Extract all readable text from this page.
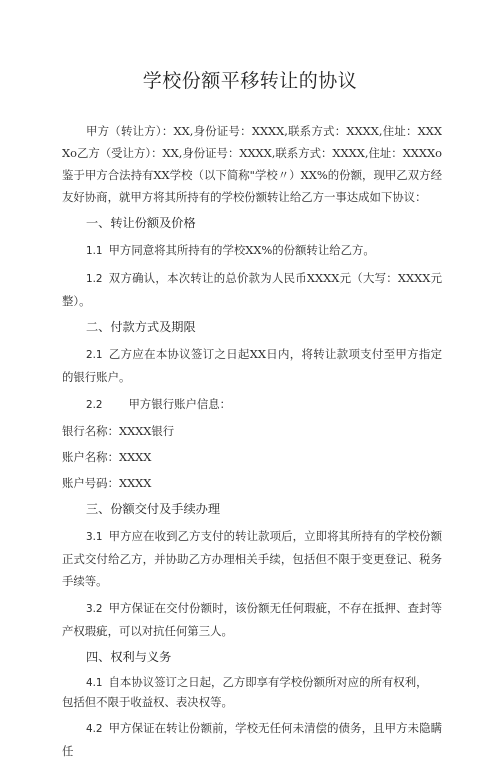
学校份额平移转让的协议

甲方（转让方）：XX,身份证号：XXXX,联系方式：XXXX,住址：XXXXo乙方（受让方）：XX,身份证号：XXXX,联系方式：XXXX,住址：XXXXo鉴于甲方合法持有XX学校（以下简称"学校〃）XX%的份额，现甲乙双方经友好协商，就甲方将其所持有的学校份额转让给乙方一事达成如下协议：

一、转让份额及价格

1.1 甲方同意将其所持有的学校XX%的份额转让给乙方。

1.2 双方确认，本次转让的总价款为人民币XXXX元（大写：XXXX元整）。

二、付款方式及期限

2.1 乙方应在本协议签订之日起XX日内，将转让款项支付至甲方指定的银行账户。

2.2 甲方银行账户信息：

银行名称：XXXX银行

账户名称：XXXX

账户号码：XXXX

三、份额交付及手续办理

3.1 甲方应在收到乙方支付的转让款项后，立即将其所持有的学校份额正式交付给乙方，并协助乙方办理相关手续，包括但不限于变更登记、税务手续等。

3.2 甲方保证在交付份额时，该份额无任何瑕疵，不存在抵押、查封等产权瑕疵，可以对抗任何第三人。

四、权利与义务

4.1 自本协议签订之日起，乙方即享有学校份额所对应的所有权利，

包括但不限于收益权、表决权等。

4.2 甲方保证在转让份额前，学校无任何未清偿的债务，且甲方未隐瞒任
